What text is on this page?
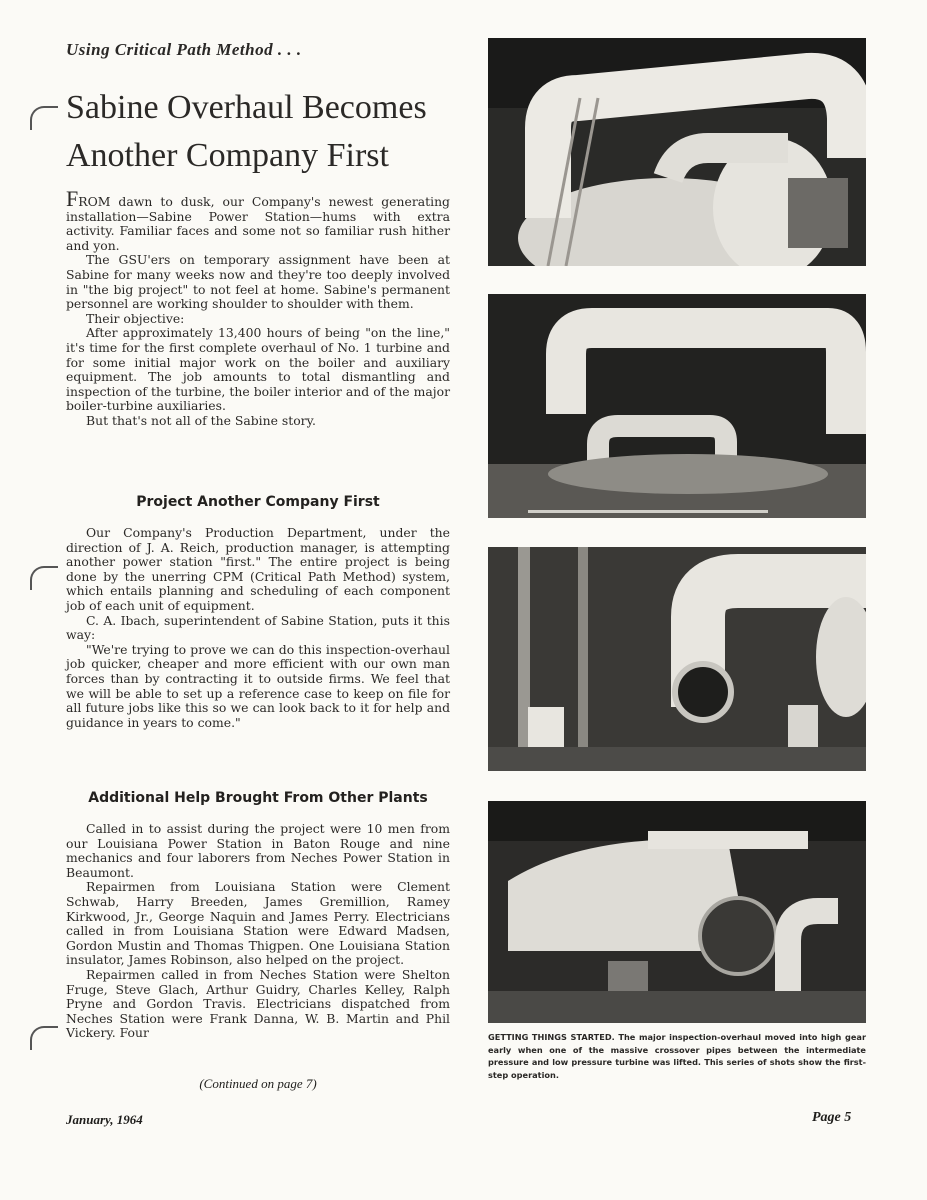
Using Critical Path Method . . .
Sabine Overhaul Becomes Another Company First

FROM dawn to dusk, our Company's newest generating installation—Sabine Power Station—hums with extra activity. Familiar faces and some not so familiar rush hither and yon.

The GSU'ers on temporary assignment have been at Sabine for many weeks now and they're too deeply involved in "the big project" to not feel at home. Sabine's permanent personnel are working shoulder to shoulder with them.

Their objective:

After approximately 13,400 hours of being "on the line," it's time for the first complete overhaul of No. 1 turbine and for some initial major work on the boiler and auxiliary equipment. The job amounts to total dismantling and inspection of the turbine, the boiler interior and of the major boiler-turbine auxiliaries.

But that's not all of the Sabine story.

Project Another Company First

Our Company's Production Department, under the direction of J. A. Reich, production manager, is attempting another power station "first." The entire project is being done by the unerring CPM (Critical Path Method) system, which entails planning and scheduling of each component job of each unit of equipment.

C. A. Ibach, superintendent of Sabine Station, puts it this way:

"We're trying to prove we can do this inspection-overhaul job quicker, cheaper and more efficient with our own man forces than by contracting it to outside firms. We feel that we will be able to set up a reference case to keep on file for all future jobs like this so we can look back to it for help and guidance in years to come."

Additional Help Brought From Other Plants

Called in to assist during the project were 10 men from our Louisiana Power Station in Baton Rouge and nine mechanics and four laborers from Neches Power Station in Beaumont.

Repairmen from Louisiana Station were Clement Schwab, Harry Breeden, James Gremillion, Ramey Kirkwood, Jr., George Naquin and James Perry. Electricians called in from Louisiana Station were Edward Madsen, Gordon Mustin and Thomas Thigpen. One Louisiana Station insulator, James Robinson, also helped on the project.

Repairmen called in from Neches Station were Shelton Fruge, Steve Glach, Arthur Guidry, Charles Kelley, Ralph Pryne and Gordon Travis. Electricians dispatched from Neches Station were Frank Danna, W. B. Martin and Phil Vickery. Four

(Continued on page 7)
January, 1964	Page 5

GETTING THINGS STARTED. The major inspection-overhaul moved into high gear early when one of the massive crossover pipes between the intermediate pressure and low pressure turbine was lifted. This series of shots show the first-step operation.
